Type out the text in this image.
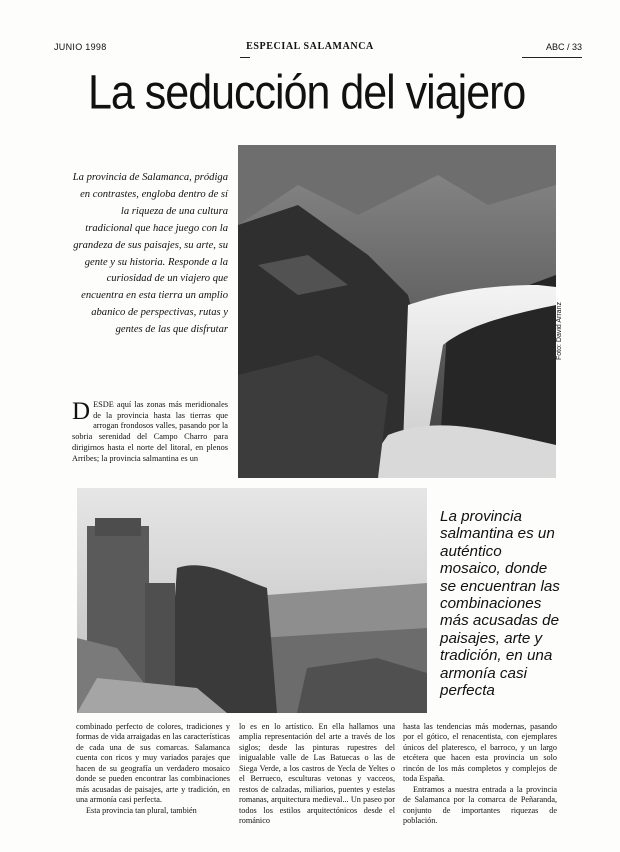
JUNIO 1998	ESPECIAL SALAMANCA	ABC / 33
La seducción del viajero
La provincia de Salamanca, pródiga en contrastes, engloba dentro de sí la riqueza de una cultura tradicional que hace juego con la grandeza de sus paisajes, su arte, su gente y su historia. Responde a la curiosidad de un viajero que encuentra en esta tierra un amplio abanico de perspectivas, rutas y gentes de las que disfrutar	Foto: David Arranz
DESDE aquí las zonas más meridionales de la provincia hasta las tierras que arrogan frondosos valles, pasando por la sobria serenidad del Campo Charro para dirigirnos hasta el norte del litoral, en plenos Arribes; la provincia salmantina es un
La provincia salmantina es un auténtico mosaico, donde se encuentran las combinaciones más acusadas de paisajes, arte y tradición, en una armonía casi perfecta

combinado perfecto de colores, tradiciones y formas de vida arraigadas en las características de cada una de sus comarcas. Salamanca cuenta con ricos y muy variados parajes que hacen de su geografía un verdadero mosaico donde se pueden encontrar las combinaciones más acusadas de paisajes, arte y tradición, en una armonía casi perfecta.

Esta provincia tan plural, también

lo es en lo artístico. En ella hallamos una amplia representación del arte a través de los siglos; desde las pinturas rupestres del inigualable valle de Las Batuecas o las de Siega Verde, a los castros de Yecla de Yeltes o el Berrueco, esculturas vetonas y vacceos, restos de calzadas, miliarios, puentes y estelas romanas, arquitectura medieval... Un paseo por todos los estilos arquitectónicos desde el románico

hasta las tendencias más modernas, pasando por el gótico, el renacentista, con ejemplares únicos del plateresco, el barroco, y un largo etcétera que hacen esta provincia un solo rincón de los más completos y complejos de toda España.

Entramos a nuestra entrada a la provincia de Salamanca por la comarca de Peñaranda, conjunto de importantes riquezas de población.
